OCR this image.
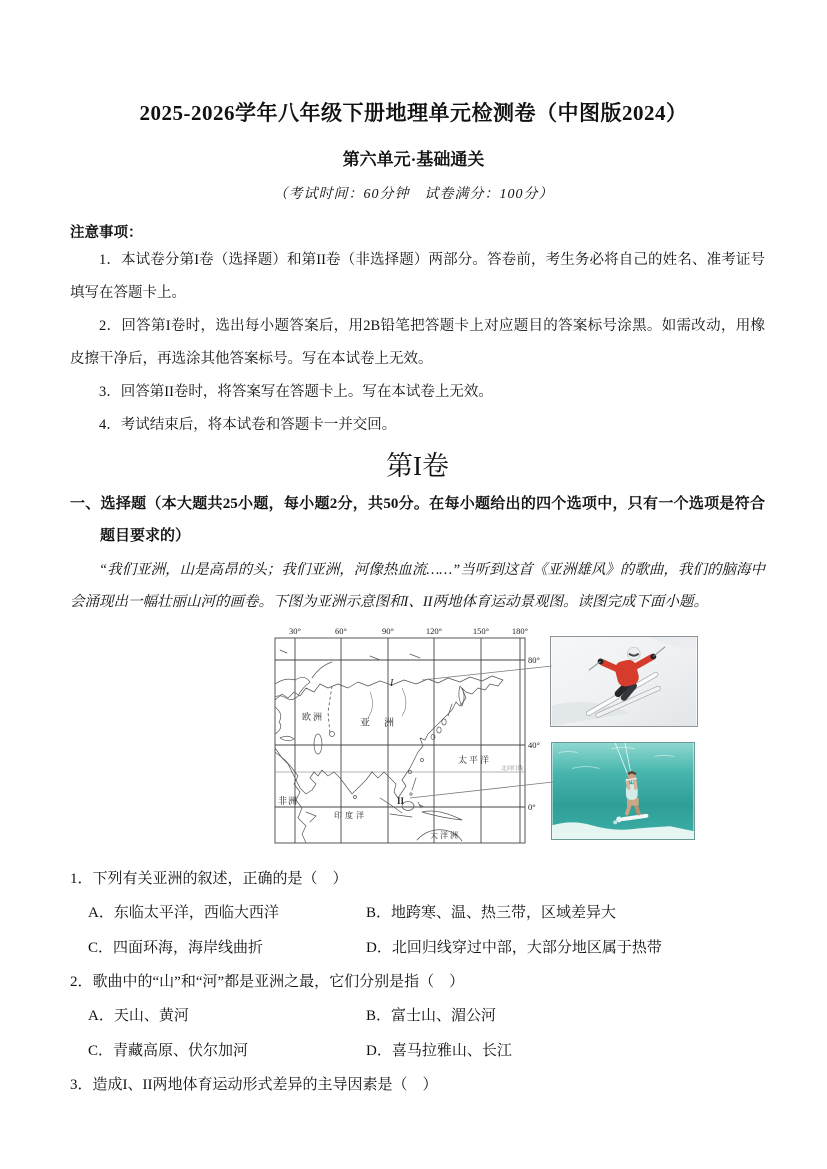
2025-2026学年八年级下册地理单元检测卷（中图版2024）
第六单元·基础通关
（考试时间：60分钟　试卷满分：100分）

注意事项：

1．本试卷分第I卷（选择题）和第II卷（非选择题）两部分。答卷前，考生务必将自己的姓名、准考证号填写在答题卡上。

2．回答第I卷时，选出每小题答案后，用2B铅笔把答题卡上对应题目的答案标号涂黑。如需改动，用橡皮擦干净后，再选涂其他答案标号。写在本试卷上无效。

3．回答第II卷时，将答案写在答题卡上。写在本试卷上无效。

4．考试结束后，将本试卷和答题卡一并交回。

第I卷

一、选择题（本大题共25小题，每小题2分，共50分。在每小题给出的四个选项中，只有一个选项是符合题目要求的）

“我们亚洲，山是高昂的头；我们亚洲，河像热血流……”当听到这首《亚洲雄风》的歌曲，我们的脑海中会涌现出一幅壮丽山河的画卷。下图为亚洲示意图和I、II两地体育运动景观图。读图完成下面小题。

北回归线
30°	60°	90°	120°	150°	180°
80°
40°
0°
欧洲
亚洲
非洲
太平洋
印度洋
大洋洲
I
II

1．下列有关亚洲的叙述，正确的是（　）

A．东临太平洋，西临大西洋	B．地跨寒、温、热三带，区域差异大
C．四面环海，海岸线曲折	D．北回归线穿过中部，大部分地区属于热带

2．歌曲中的“山”和“河”都是亚洲之最，它们分别是指（　）

A．天山、黄河	B．富士山、湄公河
C．青藏高原、伏尔加河	D．喜马拉雅山、长江

3．造成I、II两地体育运动形式差异的主导因素是（　）
